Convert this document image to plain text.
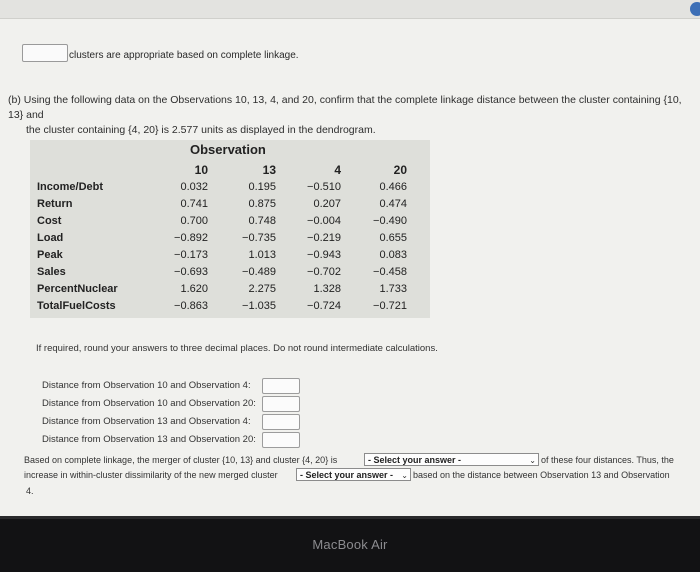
clusters are appropriate based on complete linkage.
(b) Using the following data on the Observations 10, 13, 4, and 20, confirm that the complete linkage distance between the cluster containing {10, 13} and
the cluster containing {4, 20} is 2.577 units as displayed in the dendrogram.
Observation
10	13	4	20
Income/Debt	0.032	0.195	−0.510	0.466
Return	0.741	0.875	0.207	0.474
Cost	0.700	0.748	−0.004	−0.490
Load	−0.892	−0.735	−0.219	0.655
Peak	−0.173	1.013	−0.943	0.083
Sales	−0.693	−0.489	−0.702	−0.458
PercentNuclear	1.620	2.275	1.328	1.733
TotalFuelCosts	−0.863	−1.035	−0.724	−0.721
If required, round your answers to three decimal places. Do not round intermediate calculations.
Distance from Observation 10 and Observation 4:
Distance from Observation 10 and Observation 20:
Distance from Observation 13 and Observation 4:
Distance from Observation 13 and Observation 20:
Based on complete linkage, the merger of cluster {10, 13} and cluster {4, 20} is	- Select your answer -	⌄ of these four distances. Thus, the
increase in within-cluster dissimilarity of the new merged cluster	- Select your answer - ⌄ based on the distance between Observation 13 and Observation
4.
MacBook Air
